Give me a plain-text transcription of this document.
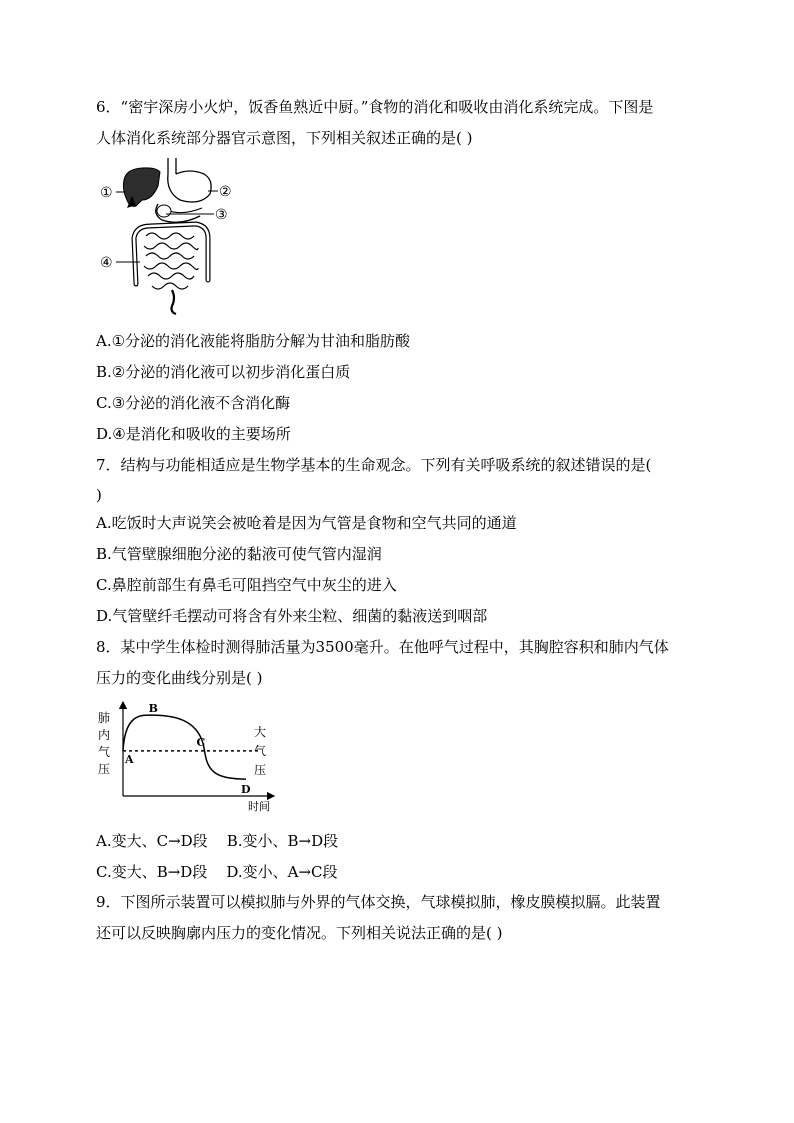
6．“密宇深房小火炉，饭香鱼熟近中厨。”食物的消化和吸收由消化系统完成。下图是
人体消化系统部分器官示意图，下列相关叙述正确的是( )
①	②
③
④
A.①分泌的消化液能将脂肪分解为甘油和脂肪酸
B.②分泌的消化液可以初步消化蛋白质
C.③分泌的消化液不含消化酶
D.④是消化和吸收的主要场所
7．结构与功能相适应是生物学基本的生命观念。下列有关呼吸系统的叙述错误的是(
)
A.吃饭时大声说笑会被呛着是因为气管是食物和空气共同的通道
B.气管壁腺细胞分泌的黏液可使气管内湿润
C.鼻腔前部生有鼻毛可阻挡空气中灰尘的进入
D.气管壁纤毛摆动可将含有外来尘粒、细菌的黏液送到咽部
8．某中学生体检时测得肺活量为3500毫升。在他呼气过程中，其胸腔容积和肺内气体
压力的变化曲线分别是( )
肺
内
气
压
大
气
压
A
B
C
D
时间
A.变大、C→D段    B.变小、B→D段
C.变大、B→D段    D.变小、A→C段
9．下图所示装置可以模拟肺与外界的气体交换，气球模拟肺，橡皮膜模拟膈。此装置
还可以反映胸廓内压力的变化情况。下列相关说法正确的是( )
